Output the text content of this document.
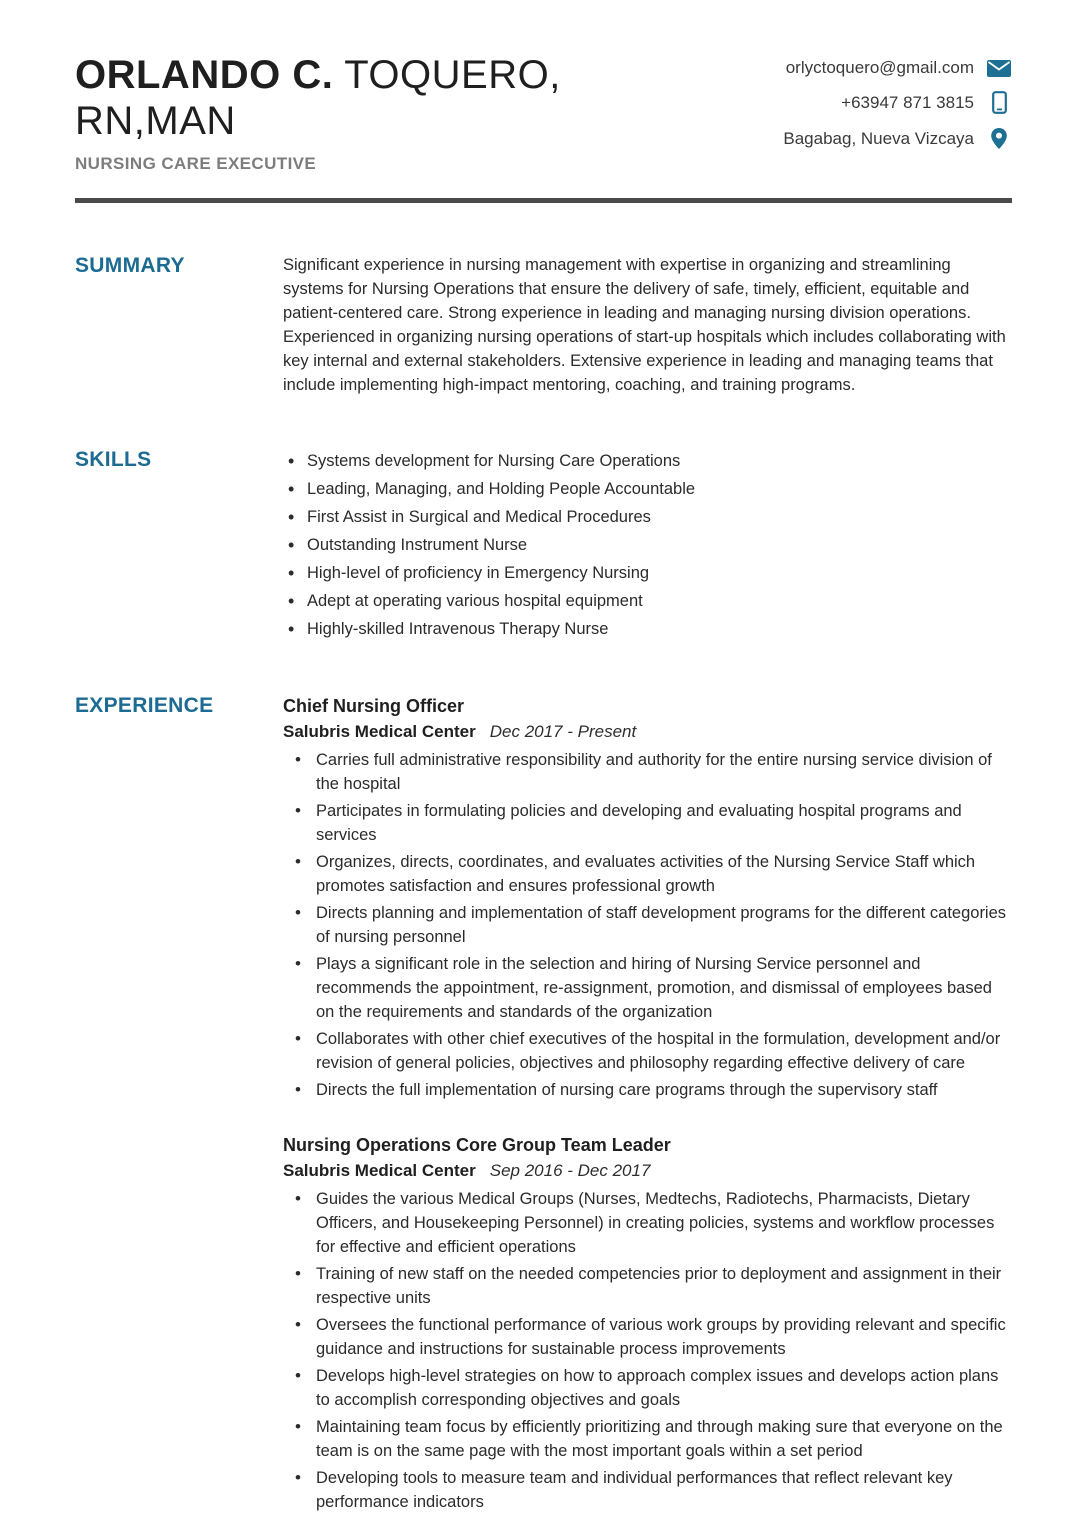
ORLANDO C. TOQUERO,
RN,MAN
NURSING CARE EXECUTIVE
orlyctoquero@gmail.com
+63947 871 3815
Bagabag, Nueva Vizcaya
SUMMARY	Significant experience in nursing management with expertise in organizing and streamlining systems for Nursing Operations that ensure the delivery of safe, timely, efficient, equitable and patient-centered care. Strong experience in leading and managing nursing division operations. Experienced in organizing nursing operations of start-up hospitals which includes collaborating with key internal and external stakeholders. Extensive experience in leading and managing teams that include implementing high-impact mentoring, coaching, and training programs.

SKILLS	• Systems development for Nursing Care Operations
• Leading, Managing, and Holding People Accountable
• First Assist in Surgical and Medical Procedures
• Outstanding Instrument Nurse
• High-level of proficiency in Emergency Nursing
• Adept at operating various hospital equipment
• Highly-skilled Intravenous Therapy Nurse
EXPERIENCE	Chief Nursing Officer
Salubris Medical Center Dec 2017 - Present
• Carries full administrative responsibility and authority for the entire nursing service division of the hospital
• Participates in formulating policies and developing and evaluating hospital programs and services
• Organizes, directs, coordinates, and evaluates activities of the Nursing Service Staff which promotes satisfaction and ensures professional growth
• Directs planning and implementation of staff development programs for the different categories of nursing personnel
• Plays a significant role in the selection and hiring of Nursing Service personnel and recommends the appointment, re-assignment, promotion, and dismissal of employees based on the requirements and standards of the organization
• Collaborates with other chief executives of the hospital in the formulation, development and/or revision of general policies, objectives and philosophy regarding effective delivery of care
• Directs the full implementation of nursing care programs through the supervisory staff
Nursing Operations Core Group Team Leader
Salubris Medical Center Sep 2016 - Dec 2017
• Guides the various Medical Groups (Nurses, Medtechs, Radiotechs, Pharmacists, Dietary Officers, and Housekeeping Personnel) in creating policies, systems and workflow processes for effective and efficient operations
• Training of new staff on the needed competencies prior to deployment and assignment in their respective units
• Oversees the functional performance of various work groups by providing relevant and specific guidance and instructions for sustainable process improvements
• Develops high-level strategies on how to approach complex issues and develops action plans to accomplish corresponding objectives and goals
• Maintaining team focus by efficiently prioritizing and through making sure that everyone on the team is on the same page with the most important goals within a set period
• Developing tools to measure team and individual performances that reflect relevant key performance indicators
